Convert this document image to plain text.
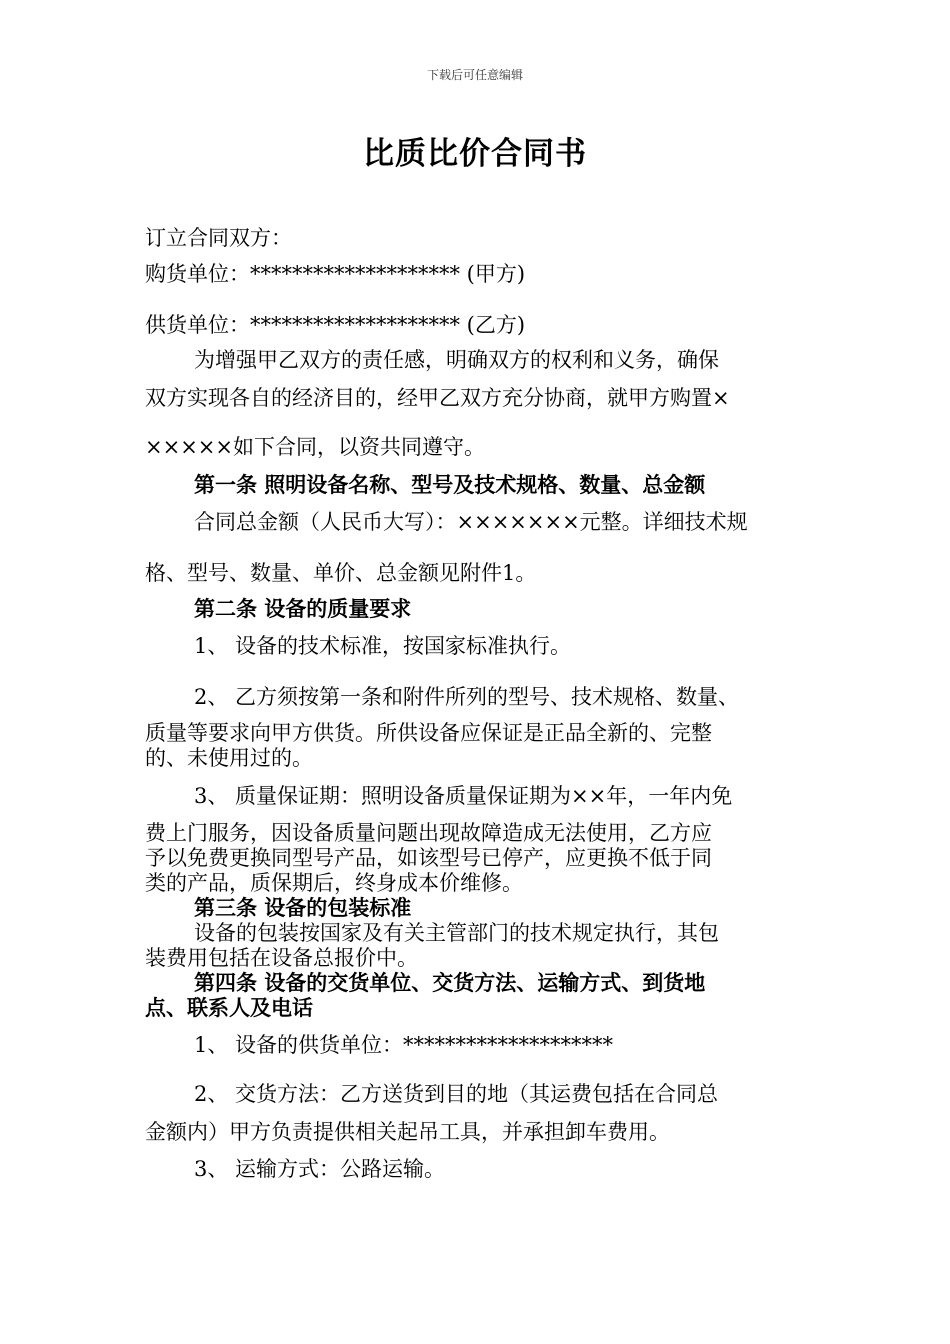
下载后可任意编辑
比质比价合同书
订立合同双方：
购货单位：******************** (甲方)
供货单位：******************** (乙方)
为增强甲乙双方的责任感，明确双方的权利和义务，确保
双方实现各自的经济目的，经甲乙双方充分协商，就甲方购置×
×××××如下合同，以资共同遵守。
第一条 照明设备名称、型号及技术规格、数量、总金额
合同总金额（人民币大写）：×××××××元整。详细技术规
格、型号、数量、单价、总金额见附件1。
第二条 设备的质量要求
1、 设备的技术标准，按国家标准执行。
2、 乙方须按第一条和附件所列的型号、技术规格、数量、
质量等要求向甲方供货。所供设备应保证是正品全新的、完整
的、未使用过的。
3、 质量保证期：照明设备质量保证期为××年，一年内免
费上门服务，因设备质量问题出现故障造成无法使用，乙方应
予以免费更换同型号产品，如该型号已停产，应更换不低于同
类的产品，质保期后，终身成本价维修。
第三条 设备的包装标准
设备的包装按国家及有关主管部门的技术规定执行，其包
装费用包括在设备总报价中。
第四条 设备的交货单位、交货方法、运输方式、到货地
点、联系人及电话
1、 设备的供货单位：********************
2、 交货方法：乙方送货到目的地（其运费包括在合同总
金额内）甲方负责提供相关起吊工具，并承担卸车费用。
3、 运输方式：公路运输。
